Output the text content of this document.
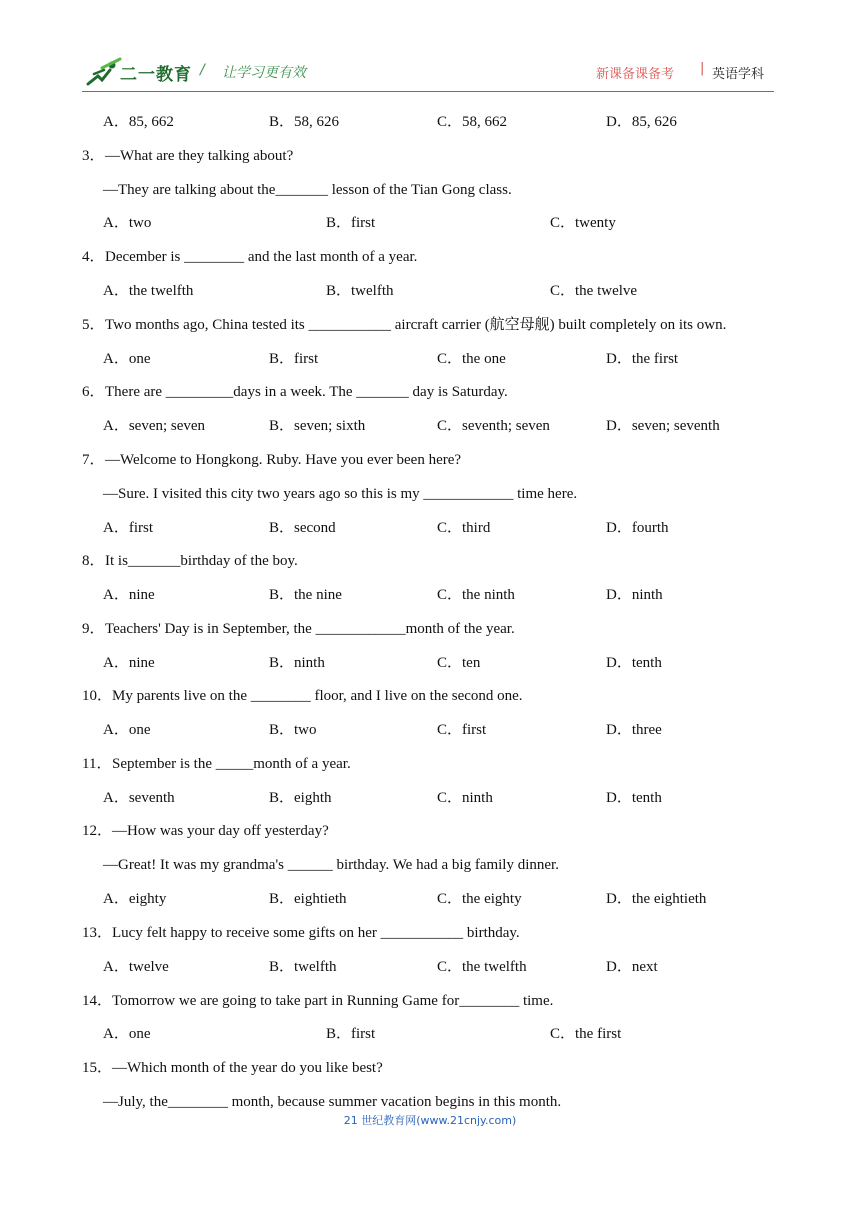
二一教育 / 让学习更有效	新课备课备考 | 英语学科
A．85, 662	B．58, 626	C．58, 662	D．85, 626
3． —What are they talking about?
—They are talking about the_______ lesson of the Tian Gong class.
A．two	B．first	C．twenty
4． December is ________ and the last month of a year.
A．the twelfth	B．twelfth	C．the twelve
5． Two months ago, China tested its ___________ aircraft carrier (航空母舰) built completely on its own.
A．one	B．first	C．the one	D．the first
6． There are _________days in a week. The _______ day is Saturday.
A．seven; seven	B．seven; sixth	C．seventh; seven	D．seven; seventh
7． —Welcome to Hongkong. Ruby. Have you ever been here?
—Sure. I visited this city two years ago so this is my ____________ time here.
A．first	B．second	C．third	D．fourth
8． It is_______birthday of the boy.
A．nine	B．the nine	C．the ninth	D．ninth
9． Teachers' Day is in September, the ____________month of the year.
A．nine	B．ninth	C．ten	D．tenth
10． My parents live on the ________ floor, and I live on the second one.
A．one	B．two	C．first	D．three
11． September is the _____month of a year.
A．seventh	B．eighth	C．ninth	D．tenth
12． —How was your day off yesterday?
—Great! It was my grandma's ______ birthday. We had a big family dinner.
A．eighty	B．eightieth	C．the eighty	D．the eightieth
13． Lucy felt happy to receive some gifts on her ___________ birthday.
A．twelve	B．twelfth	C．the twelfth	D．next
14． Tomorrow we are going to take part in Running Game for________ time.
A．one	B．first	C．the first
15． —Which month of the year do you like best?
—July, the________ month, because summer vacation begins in this month.
21 世纪教育网(www.21cnjy.com)
